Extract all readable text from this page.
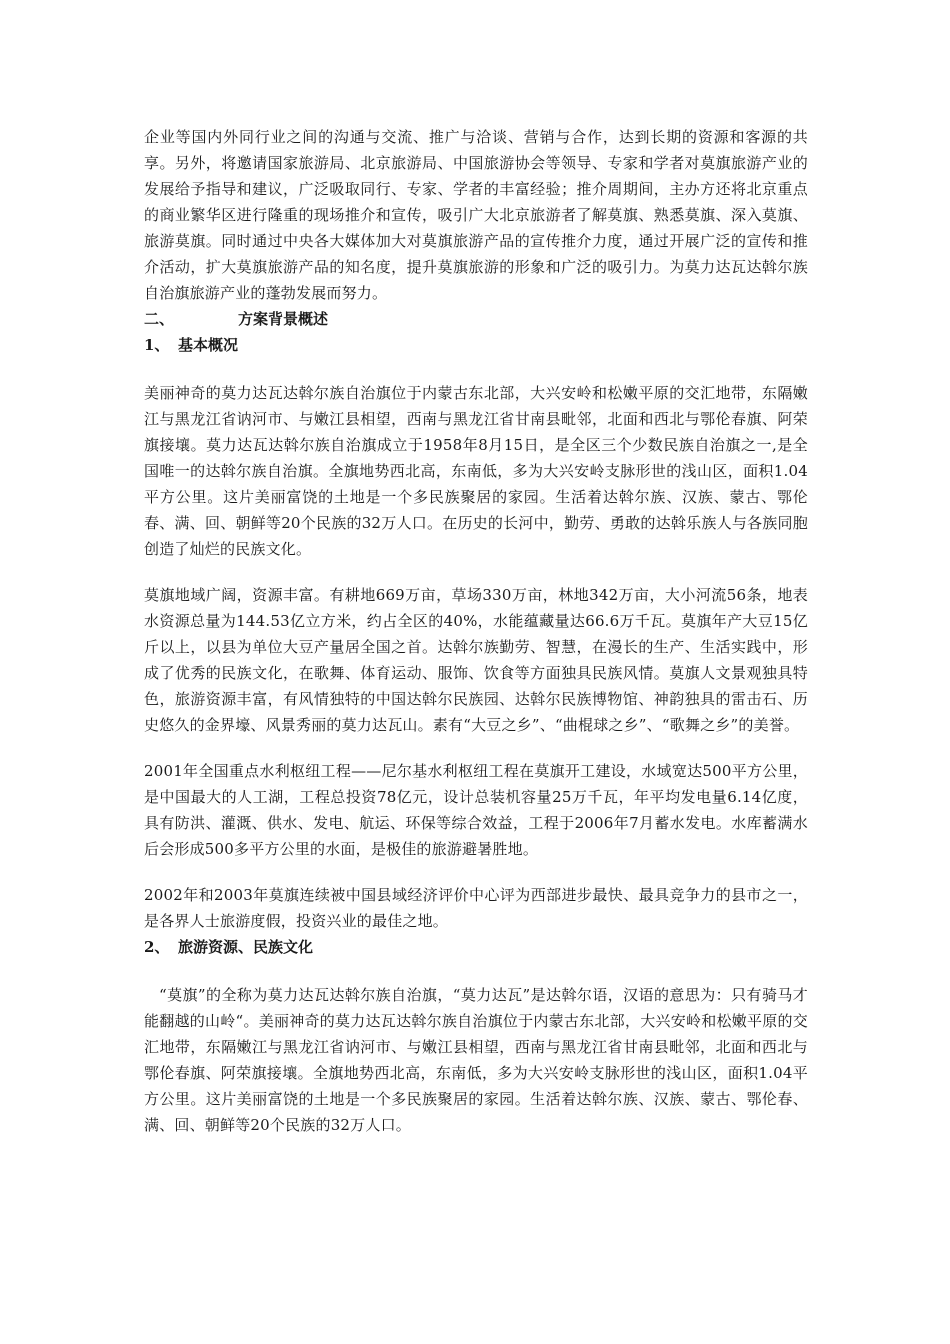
企业等国内外同行业之间的沟通与交流、推广与洽谈、营销与合作，达到长期的资源和客源的共享。另外，将邀请国家旅游局、北京旅游局、中国旅游协会等领导、专家和学者对莫旗旅游产业的发展给予指导和建议，广泛吸取同行、专家、学者的丰富经验；推介周期间，主办方还将北京重点的商业繁华区进行隆重的现场推介和宣传，吸引广大北京旅游者了解莫旗、熟悉莫旗、深入莫旗、旅游莫旗。同时通过中央各大媒体加大对莫旗旅游产品的宣传推介力度，通过开展广泛的宣传和推介活动，扩大莫旗旅游产品的知名度，提升莫旗旅游的形象和广泛的吸引力。为莫力达瓦达斡尔族自治旗旅游产业的蓬勃发展而努力。

二、	方案背景概述
1、 基本概况

美丽神奇的莫力达瓦达斡尔族自治旗位于内蒙古东北部，大兴安岭和松嫩平原的交汇地带，东隔嫩江与黑龙江省讷河市、与嫩江县相望，西南与黑龙江省甘南县毗邻，北面和西北与鄂伦春旗、阿荣旗接壤。莫力达瓦达斡尔族自治旗成立于1958年8月15日，是全区三个少数民族自治旗之一,是全国唯一的达斡尔族自治旗。全旗地势西北高，东南低，多为大兴安岭支脉形世的浅山区，面积1.04平方公里。这片美丽富饶的土地是一个多民族聚居的家园。生活着达斡尔族、汉族、蒙古、鄂伦春、满、回、朝鲜等20个民族的32万人口。在历史的长河中，勤劳、勇敢的达斡乐族人与各族同胞创造了灿烂的民族文化。

莫旗地域广阔，资源丰富。有耕地669万亩，草场330万亩，林地342万亩，大小河流56条，地表水资源总量为144.53亿立方米，约占全区的40%，水能蕴藏量达66.6万千瓦。莫旗年产大豆15亿斤以上，以县为单位大豆产量居全国之首。达斡尔族勤劳、智慧，在漫长的生产、生活实践中，形成了优秀的民族文化，在歌舞、体育运动、服饰、饮食等方面独具民族风情。莫旗人文景观独具特色，旅游资源丰富，有风情独特的中国达斡尔民族园、达斡尔民族博物馆、神韵独具的雷击石、历史悠久的金界壕、风景秀丽的莫力达瓦山。素有“大豆之乡”、“曲棍球之乡”、“歌舞之乡”的美誉。

2001年全国重点水利枢纽工程——尼尔基水利枢纽工程在莫旗开工建设，水域宽达500平方公里，是中国最大的人工湖，工程总投资78亿元，设计总装机容量25万千瓦，年平均发电量6.14亿度，具有防洪、灌溉、供水、发电、航运、环保等综合效益，工程于2006年7月蓄水发电。水库蓄满水后会形成500多平方公里的水面，是极佳的旅游避暑胜地。

2002年和2003年莫旗连续被中国县域经济评价中心评为西部进步最快、最具竞争力的县市之一，是各界人士旅游度假，投资兴业的最佳之地。

2、 旅游资源、民族文化

“莫旗”的全称为莫力达瓦达斡尔族自治旗，“莫力达瓦”是达斡尔语，汉语的意思为：只有骑马才能翻越的山岭“。美丽神奇的莫力达瓦达斡尔族自治旗位于内蒙古东北部，大兴安岭和松嫩平原的交汇地带，东隔嫩江与黑龙江省讷河市、与嫩江县相望，西南与黑龙江省甘南县毗邻，北面和西北与鄂伦春旗、阿荣旗接壤。全旗地势西北高，东南低，多为大兴安岭支脉形世的浅山区，面积1.04平方公里。这片美丽富饶的土地是一个多民族聚居的家园。生活着达斡尔族、汉族、蒙古、鄂伦春、满、回、朝鲜等20个民族的32万人口。
